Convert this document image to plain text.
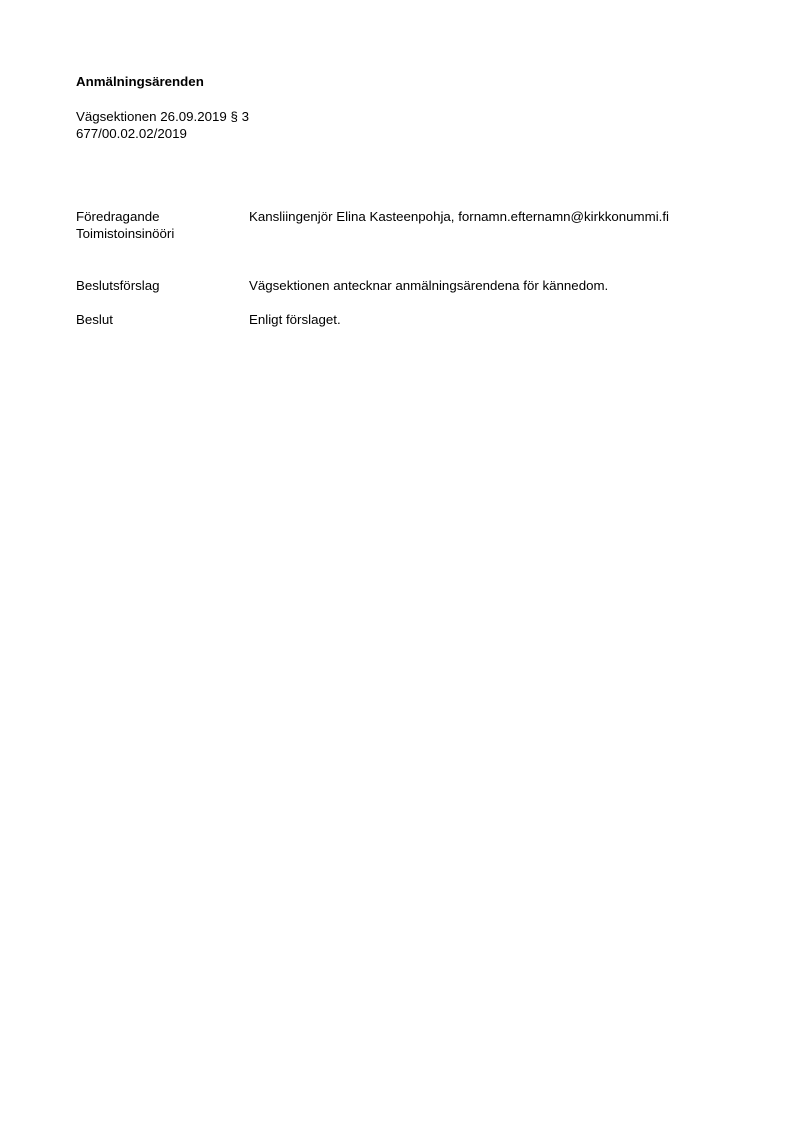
Anmälningsärenden
Vägsektionen 26.09.2019 § 3
677/00.02.02/2019
Föredragande
Toimistoinsinööri
Kansliingenjör Elina Kasteenpohja, fornamn.efternamn@kirkkonummi.fi
Beslutsförslag	Vägsektionen antecknar anmälningsärendena för kännedom.
Beslut	Enligt förslaget.
